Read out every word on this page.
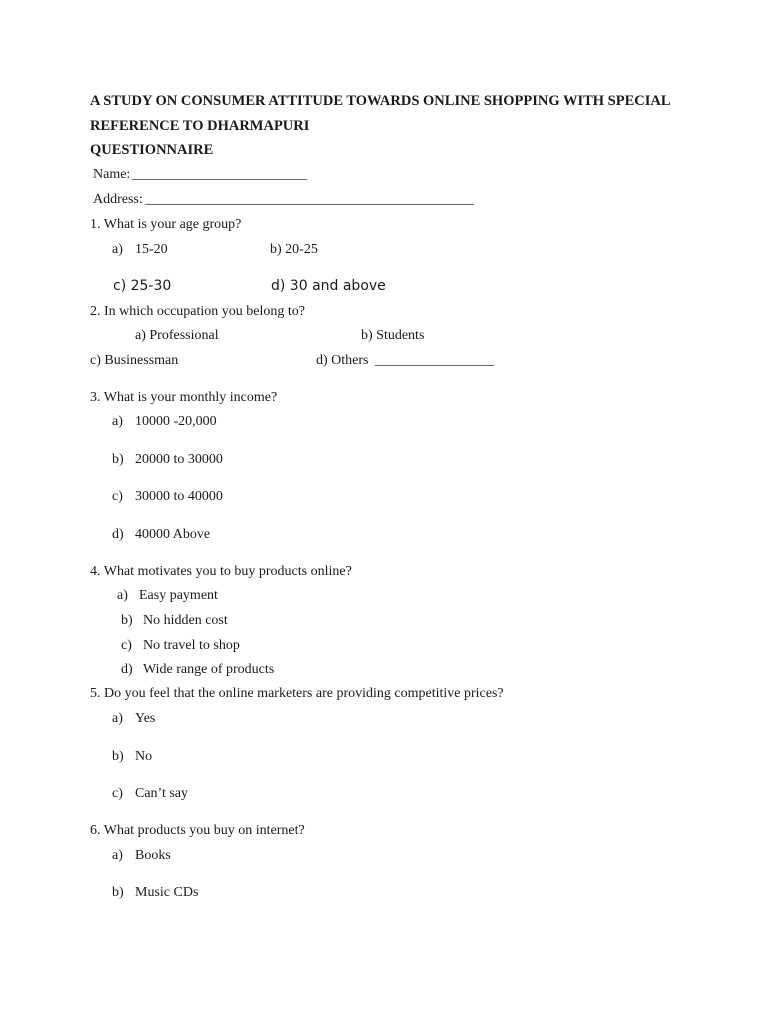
A STUDY ON CONSUMER ATTITUDE TOWARDS ONLINE SHOPPING WITH SPECIAL
REFERENCE TO DHARMAPURI
QUESTIONNAIRE
Name: _________________________
Address: _______________________________________________
1. What is your age group?
a) 15-20	b) 20-25
c) 25-30	d) 30 and above
2. In which occupation you belong to?
a) Professional	b) Students
c) Businessman	d) Others _________________
3. What is your monthly income?
a) 10000 -20,000
b) 20000 to 30000
c) 30000 to 40000
d) 40000 Above
4. What motivates you to buy products online?
a) Easy payment
b) No hidden cost
c) No travel to shop
d) Wide range of products
5. Do you feel that the online marketers are providing competitive prices?
a) Yes
b) No
c) Can’t say
6. What products you buy on internet?
a) Books
b) Music CDs
